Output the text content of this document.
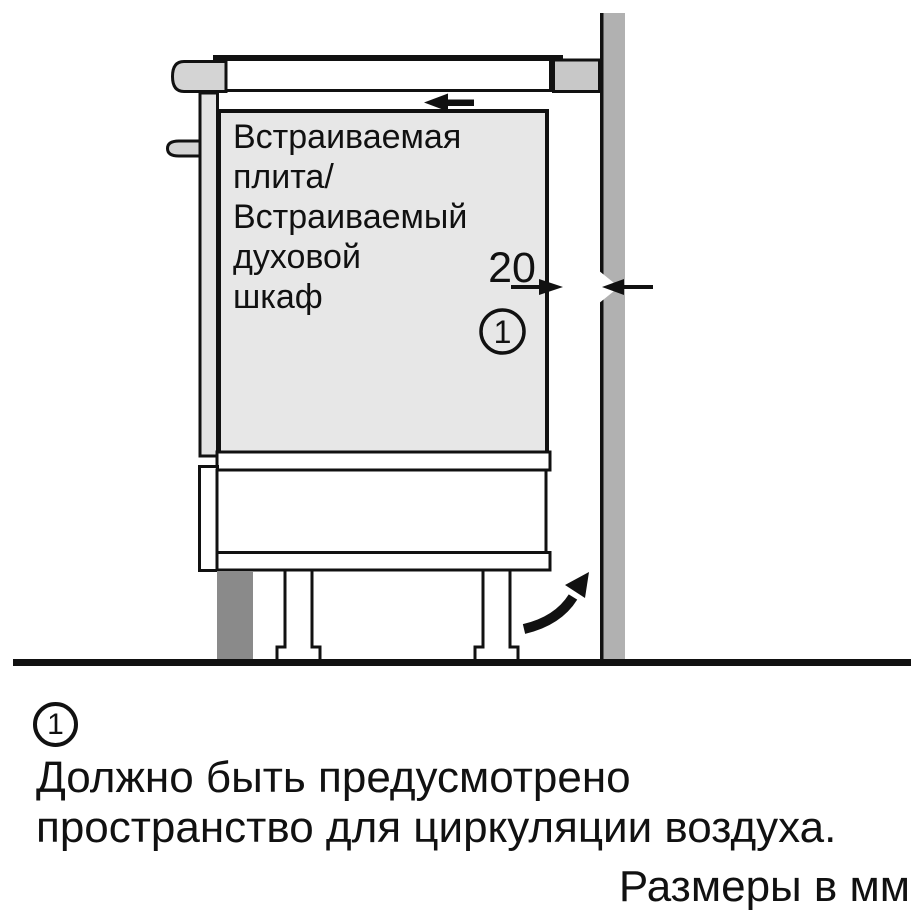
Встраиваемая
плита/
Встраиваемый
духовой
шкаф
20
1
1
Должно быть предусмотрено
пространство для циркуляции воздуха.
Размеры в мм
